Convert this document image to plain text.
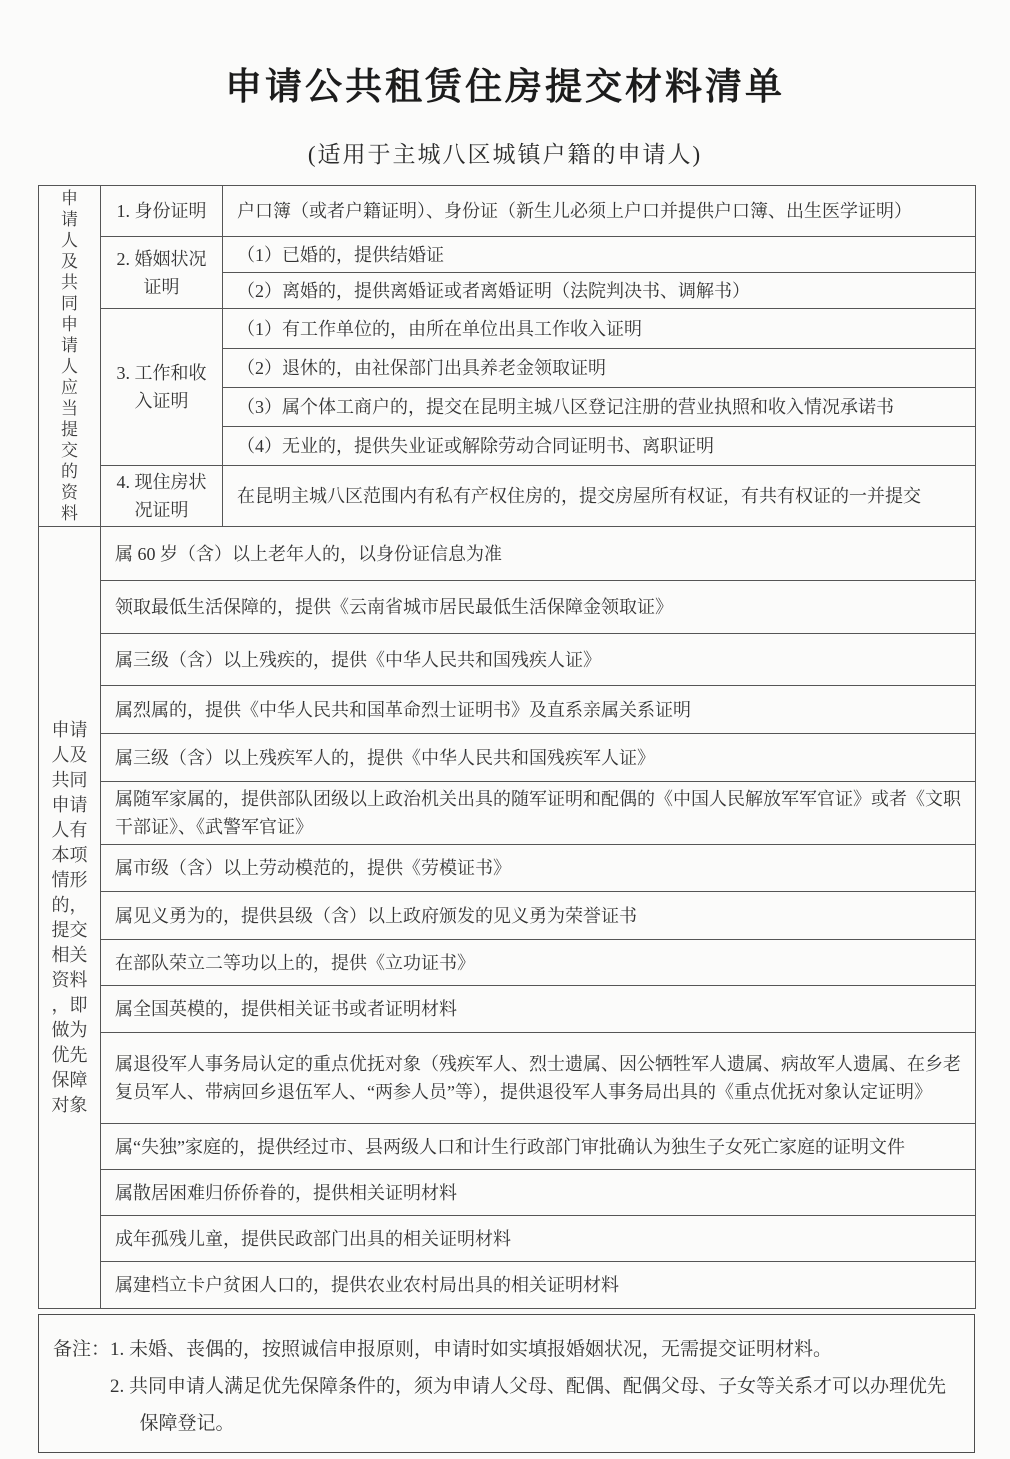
申请公共租赁住房提交材料清单
(适用于主城八区城镇户籍的申请人)
申请人及共同申请人应当提交的资料	1. 身份证明	户口簿（或者户籍证明）、身份证（新生儿必须上户口并提供户口簿、出生医学证明）
	2. 婚姻状况证明	（1）已婚的，提供结婚证
		（2）离婚的，提供离婚证或者离婚证明（法院判决书、调解书）
	3. 工作和收入证明	（1）有工作单位的，由所在单位出具工作收入证明
		（2）退休的，由社保部门出具养老金领取证明
		（3）属个体工商户的，提交在昆明主城八区登记注册的营业执照和收入情况承诺书
		（4）无业的，提供失业证或解除劳动合同证明书、离职证明
	4. 现住房状况证明	在昆明主城八区范围内有私有产权住房的，提交房屋所有权证，有共有权证的一并提交

申请人及共同申请人有本项情形的，提交相关资料，即做为优先保障对象	属 60 岁（含）以上老年人的，以身份证信息为准	
	领取最低生活保障的，提供《云南省城市居民最低生活保障金领取证》	
	属三级（含）以上残疾的，提供《中华人民共和国残疾人证》	
	属烈属的，提供《中华人民共和国革命烈士证明书》及直系亲属关系证明	
	属三级（含）以上残疾军人的，提供《中华人民共和国残疾军人证》	
	属随军家属的，提供部队团级以上政治机关出具的随军证明和配偶的《中国人民解放军军官证》或者《文职干部证》、《武警军官证》	
	属市级（含）以上劳动模范的，提供《劳模证书》	
	属见义勇为的，提供县级（含）以上政府颁发的见义勇为荣誉证书	
	在部队荣立二等功以上的，提供《立功证书》	
	属全国英模的，提供相关证书或者证明材料	
	属退役军人事务局认定的重点优抚对象（残疾军人、烈士遗属、因公牺牲军人遗属、病故军人遗属、在乡老复员军人、带病回乡退伍军人、“两参人员”等），提供退役军人事务局出具的《重点优抚对象认定证明》	
	属“失独”家庭的，提供经过市、县两级人口和计生行政部门审批确认为独生子女死亡家庭的证明文件	
	属散居困难归侨侨眷的，提供相关证明材料	
	成年孤残儿童，提供民政部门出具的相关证明材料	
	属建档立卡户贫困人口的，提供农业农村局出具的相关证明材料	
备注： 1. 未婚、丧偶的，按照诚信申报原则，申请时如实填报婚姻状况，无需提交证明材料。
2. 共同申请人满足优先保障条件的，须为申请人父母、配偶、配偶父母、子女等关系才可以办理优先保障登记。
